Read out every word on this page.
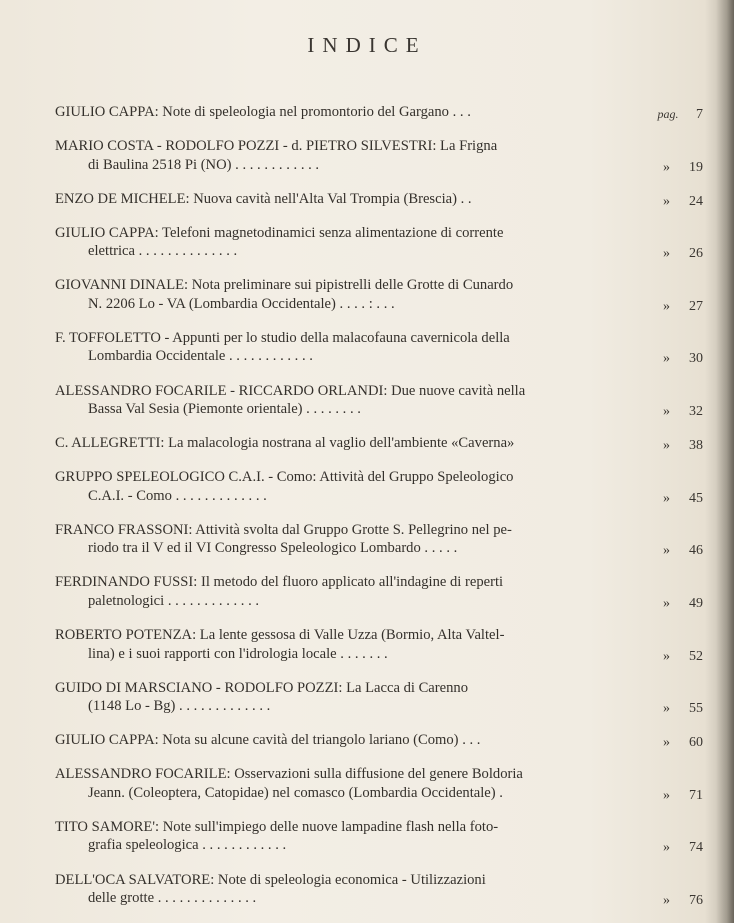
INDICE
GIULIO CAPPA: Note di speleologia nel promontorio del Gargano . . .	pag. 7
MARIO COSTA - RODOLFO POZZI - d. PIETRO SILVESTRI: La Frigna
di Baulina 2518 Pi (NO) . . . . . . . . . . . .	» 19
ENZO DE MICHELE: Nuova cavità nell'Alta Val Trompia (Brescia) . .	» 24
GIULIO CAPPA: Telefoni magnetodinamici senza alimentazione di corrente
elettrica . . . . . . . . . . . . . .	» 26
GIOVANNI DINALE: Nota preliminare sui pipistrelli delle Grotte di Cunardo
N. 2206 Lo - VA (Lombardia Occidentale) . . . . : . . .	» 27
F. TOFFOLETTO - Appunti per lo studio della malacofauna cavernicola della
Lombardia Occidentale . . . . . . . . . . . .	» 30
ALESSANDRO FOCARILE - RICCARDO ORLANDI: Due nuove cavità nella
Bassa Val Sesia (Piemonte orientale) . . . . . . . .	» 32
C. ALLEGRETTI: La malacologia nostrana al vaglio dell'ambiente «Caverna»	» 38
GRUPPO SPELEOLOGICO C.A.I. - Como: Attività del Gruppo Speleologico
C.A.I. - Como . . . . . . . . . . . . .	» 45
FRANCO FRASSONI: Attività svolta dal Gruppo Grotte S. Pellegrino nel pe-
riodo tra il V ed il VI Congresso Speleologico Lombardo . . . . .	» 46
FERDINANDO FUSSI: Il metodo del fluoro applicato all'indagine di reperti
paletnologici . . . . . . . . . . . . .	» 49
ROBERTO POTENZA: La lente gessosa di Valle Uzza (Bormio, Alta Valtel-
lina) e i suoi rapporti con l'idrologia locale . . . . . . .	» 52
GUIDO DI MARSCIANO - RODOLFO POZZI: La Lacca di Carenno
(1148 Lo - Bg) . . . . . . . . . . . . .	» 55
GIULIO CAPPA: Nota su alcune cavità del triangolo lariano (Como) . . .	» 60
ALESSANDRO FOCARILE: Osservazioni sulla diffusione del genere Boldoria
Jeann. (Coleoptera, Catopidae) nel comasco (Lombardia Occidentale) .	» 71
TITO SAMORE': Note sull'impiego delle nuove lampadine flash nella foto-
grafia speleologica . . . . . . . . . . . .	» 74
DELL'OCA SALVATORE: Note di speleologia economica - Utilizzazioni
delle grotte . . . . . . . . . . . . . .	» 76
